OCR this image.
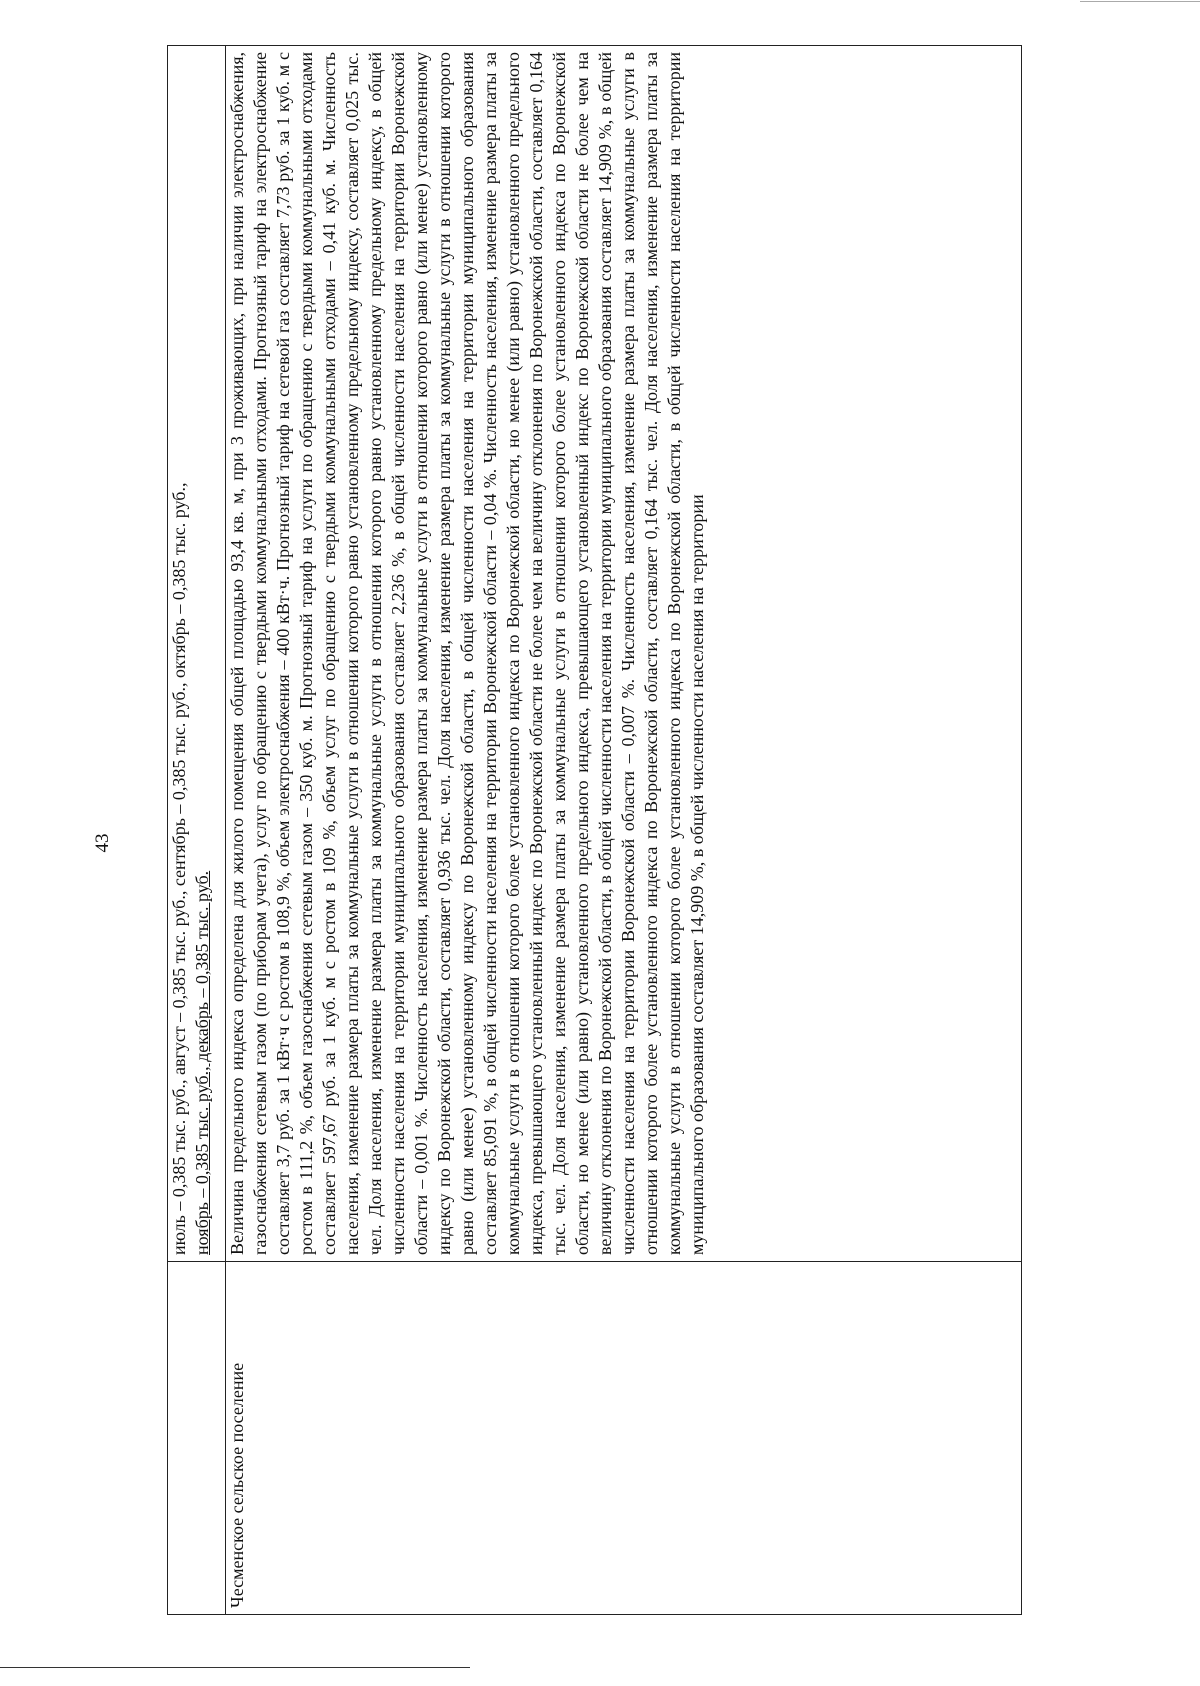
43

	июль – 0,385 тыс. руб., август – 0,385 тыс. руб., сентябрь – 0,385 тыс. руб., октябрь – 0,385 тыс. руб., ноябрь – 0,385 тыс. руб., декабрь – 0,385 тыс. руб.

Чесменское сельское поселение	Величина предельного индекса определена для жилого помещения общей площадью 93,4 кв. м, при 3 проживающих, при наличии электроснабжения, газоснабжения сетевым газом (по приборам учета), услуг по обращению с твердыми коммунальными отходами. Прогнозный тариф на электроснабжение составляет 3,7 руб. за 1 кВт·ч с ростом в 108,9 %, объем электроснабжения – 400 кВт·ч. Прогнозный тариф на сетевой газ составляет 7,73 руб. за 1 куб. м с ростом в 111,2 %, объем газоснабжения сетевым газом – 350 куб. м. Прогнозный тариф на услуги по обращению с твердыми коммунальными отходами составляет 597,67 руб. за 1 куб. м с ростом в 109 %, объем услуг по обращению с твердыми коммунальными отходами – 0,41 куб. м. Численность населения, изменение размера платы за коммунальные услуги в отношении которого равно установленному предельному индексу, составляет 0,025 тыс. чел. Доля населения, изменение размера платы за коммунальные услуги в отношении которого равно установленному предельному индексу, в общей численности населения на территории муниципального образования составляет 2,236 %, в общей численности населения на территории Воронежской области – 0,001 %. Численность населения, изменение размера платы за коммунальные услуги в отношении которого равно (или менее) установленному индексу по Воронежской области, составляет 0,936 тыс. чел. Доля населения, изменение размера платы за коммунальные услуги в отношении которого равно (или менее) установленному индексу по Воронежской области, в общей численности населения на территории муниципального образования составляет 85,091 %, в общей численности населения на территории Воронежской области – 0,04 %. Численность населения, изменение размера платы за коммунальные услуги в отношении которого более установленного индекса по Воронежской области, но менее (или равно) установленного предельного индекса, превышающего установленный индекс по Воронежской области не более чем на величину отклонения по Воронежской области, составляет 0,164 тыс. чел. Доля населения, изменение размера платы за коммунальные услуги в отношении которого более установленного индекса по Воронежской области, но менее (или равно) установленного предельного индекса, превышающего установленный индекс по Воронежской области не более чем на величину отклонения по Воронежской области, в общей численности населения на территории муниципального образования составляет 14,909 %, в общей численности населения на территории Воронежской области – 0,007 %. Численность населения, изменение размера платы за коммунальные услуги в отношении которого более установленного индекса по Воронежской области, составляет 0,164 тыс. чел. Доля населения, изменение размера платы за коммунальные услуги в отношении которого более установленного индекса по Воронежской области, в общей численности населения на территории муниципального образования составляет 14,909 %, в общей численности населения на территории
